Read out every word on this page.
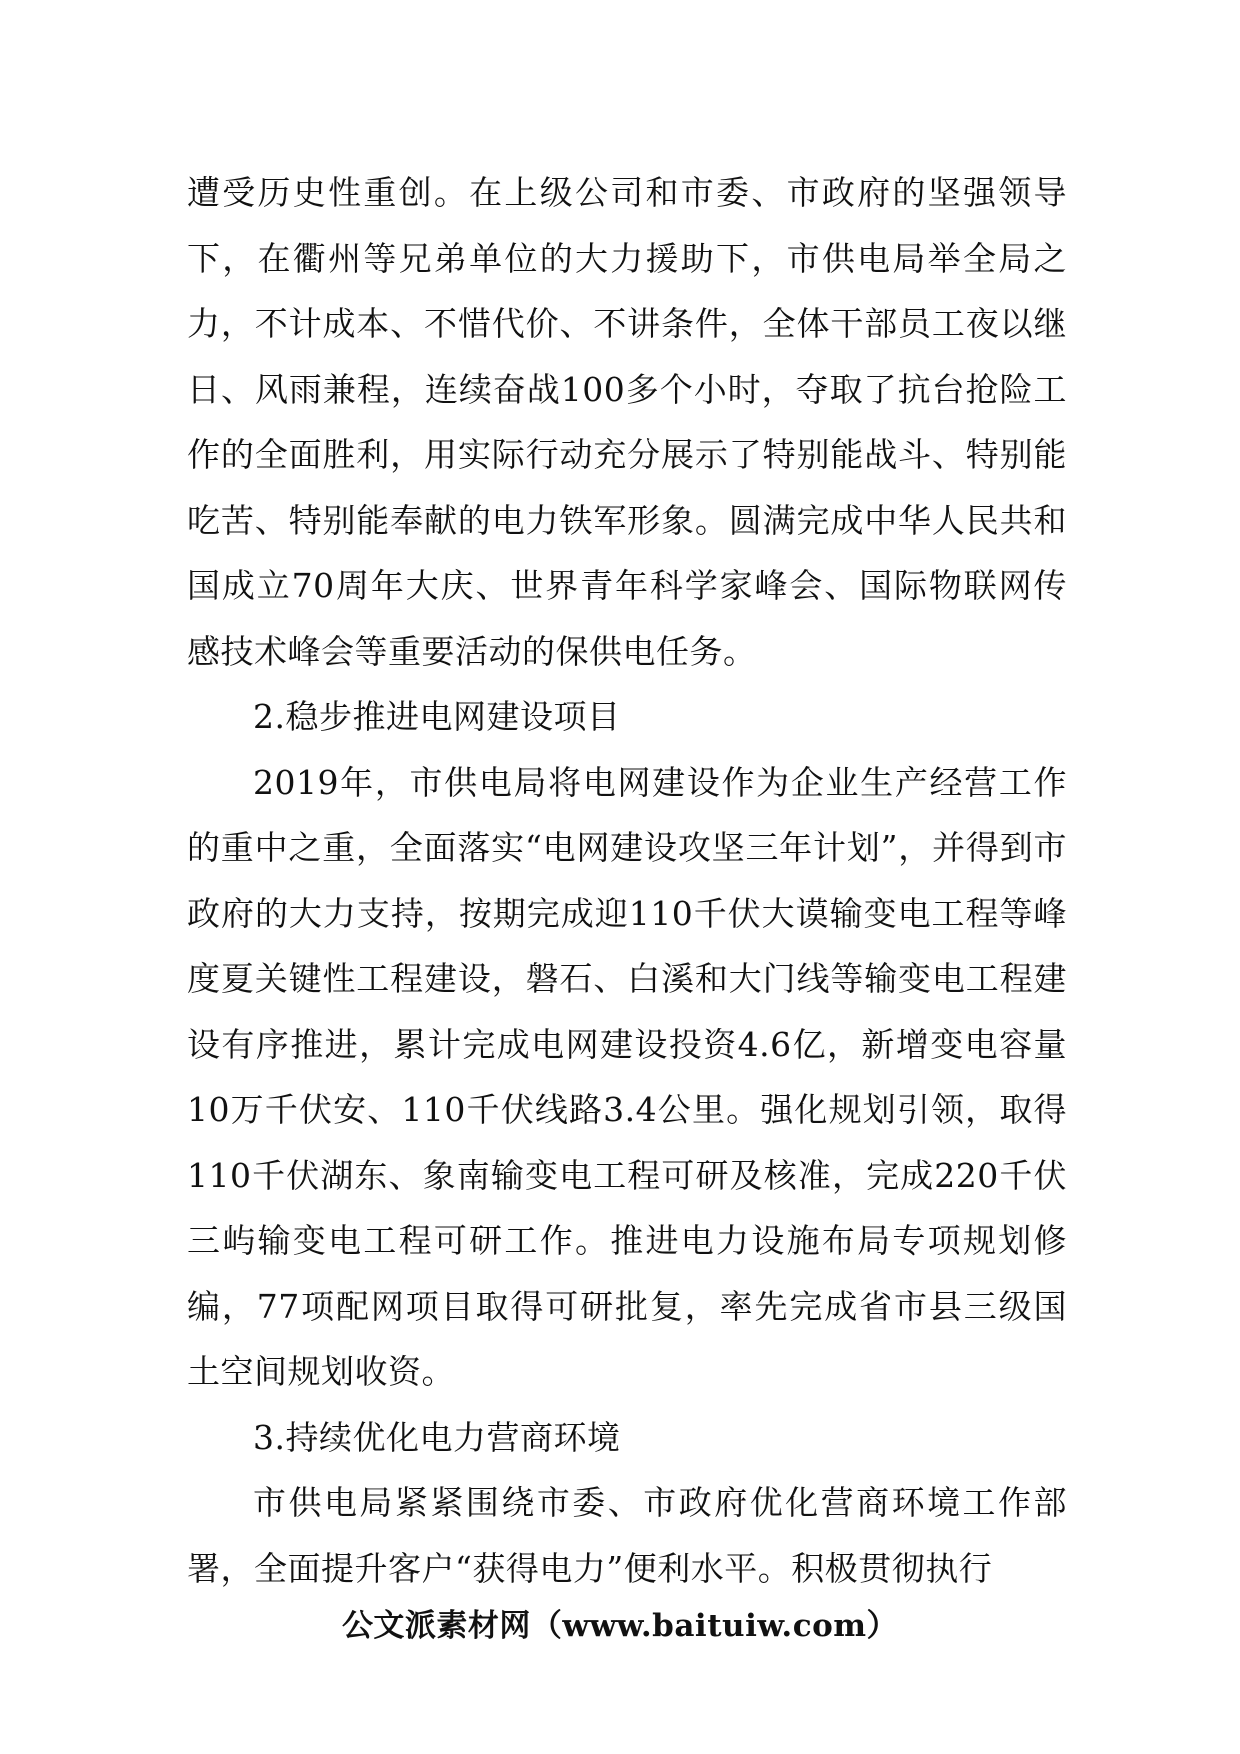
遭受历史性重创。在上级公司和市委、市政府的坚强领导下，在衢州等兄弟单位的大力援助下，市供电局举全局之力，不计成本、不惜代价、不讲条件，全体干部员工夜以继日、风雨兼程，连续奋战100多个小时，夺取了抗台抢险工作的全面胜利，用实际行动充分展示了特别能战斗、特别能吃苦、特别能奉献的电力铁军形象。圆满完成中华人民共和国成立70周年大庆、世界青年科学家峰会、国际物联网传感技术峰会等重要活动的保供电任务。

2.稳步推进电网建设项目

2019年，市供电局将电网建设作为企业生产经营工作的重中之重，全面落实“电网建设攻坚三年计划”，并得到市政府的大力支持，按期完成迎110千伏大谟输变电工程等峰度夏关键性工程建设，磐石、白溪和大门线等输变电工程建设有序推进，累计完成电网建设投资4.6亿，新增变电容量10万千伏安、110千伏线路3.4公里。强化规划引领，取得110千伏湖东、象南输变电工程可研及核准，完成220千伏三屿输变电工程可研工作。推进电力设施布局专项规划修编，77项配网项目取得可研批复，率先完成省市县三级国土空间规划收资。

3.持续优化电力营商环境

市供电局紧紧围绕市委、市政府优化营商环境工作部署，全面提升客户“获得电力”便利水平。积极贯彻执行

公文派素材网（www.baituiw.com）
